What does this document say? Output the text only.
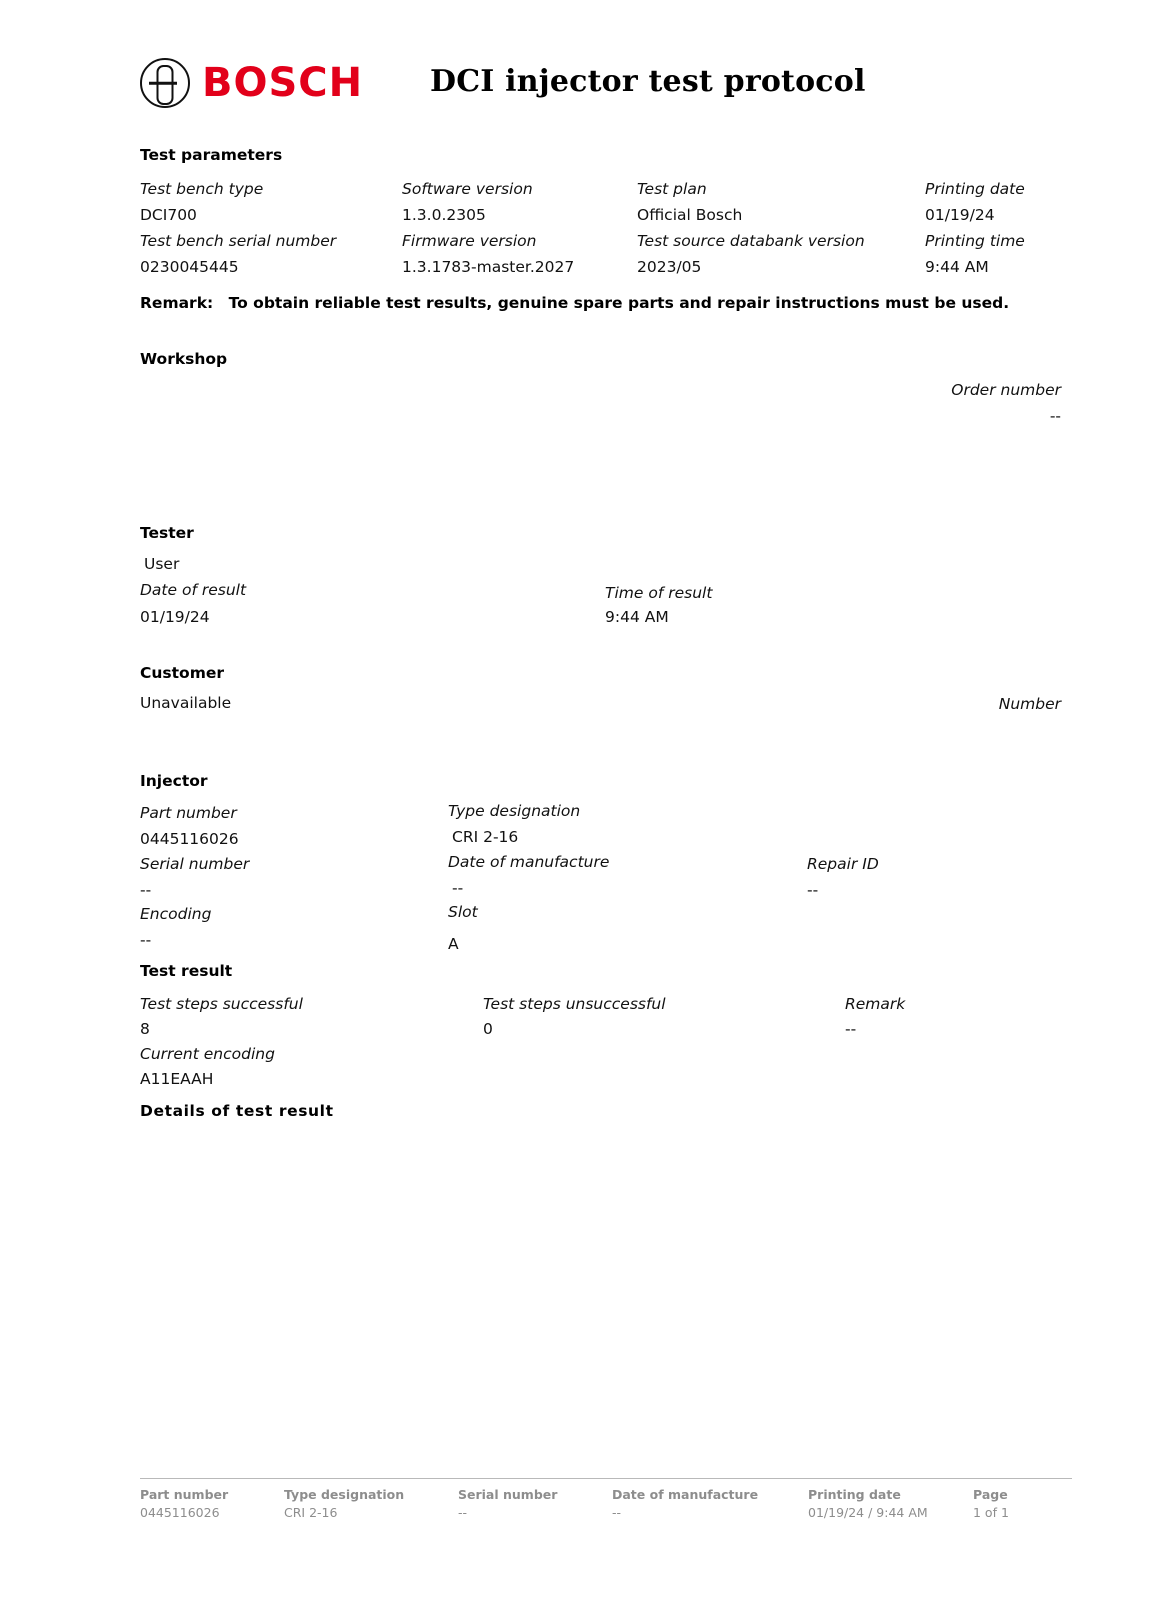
BOSCH DCI injector test protocol
Test parameters
Test bench type	Software version	Test plan	Printing date
DCI700	1.3.0.2305	Official Bosch	01/19/24
Test bench serial number	Firmware version	Test source databank version	Printing time
0230045445	1.3.1783-master.2027	2023/05	9:44 AM
Remark: To obtain reliable test results, genuine spare parts and repair instructions must be used.
Workshop
Order number
--
Tester
User
Date of result
01/19/24
Time of result
9:44 AM
Customer
Unavailable	Number
Injector
Part number
0445116026
Serial number
--
Encoding
--
Type designation
CRI 2-16
Date of manufacture
--
Slot
A
Repair ID
--
Test result
Test steps successful
8
Current encoding
A11EAAH
Test steps unsuccessful
0
Remark
--
Details of test result
Part number	Type designation	Serial number	Date of manufacture	Printing date	Page
0445116026	CRI 2-16	--	--	01/19/24 / 9:44 AM	1 of 1
